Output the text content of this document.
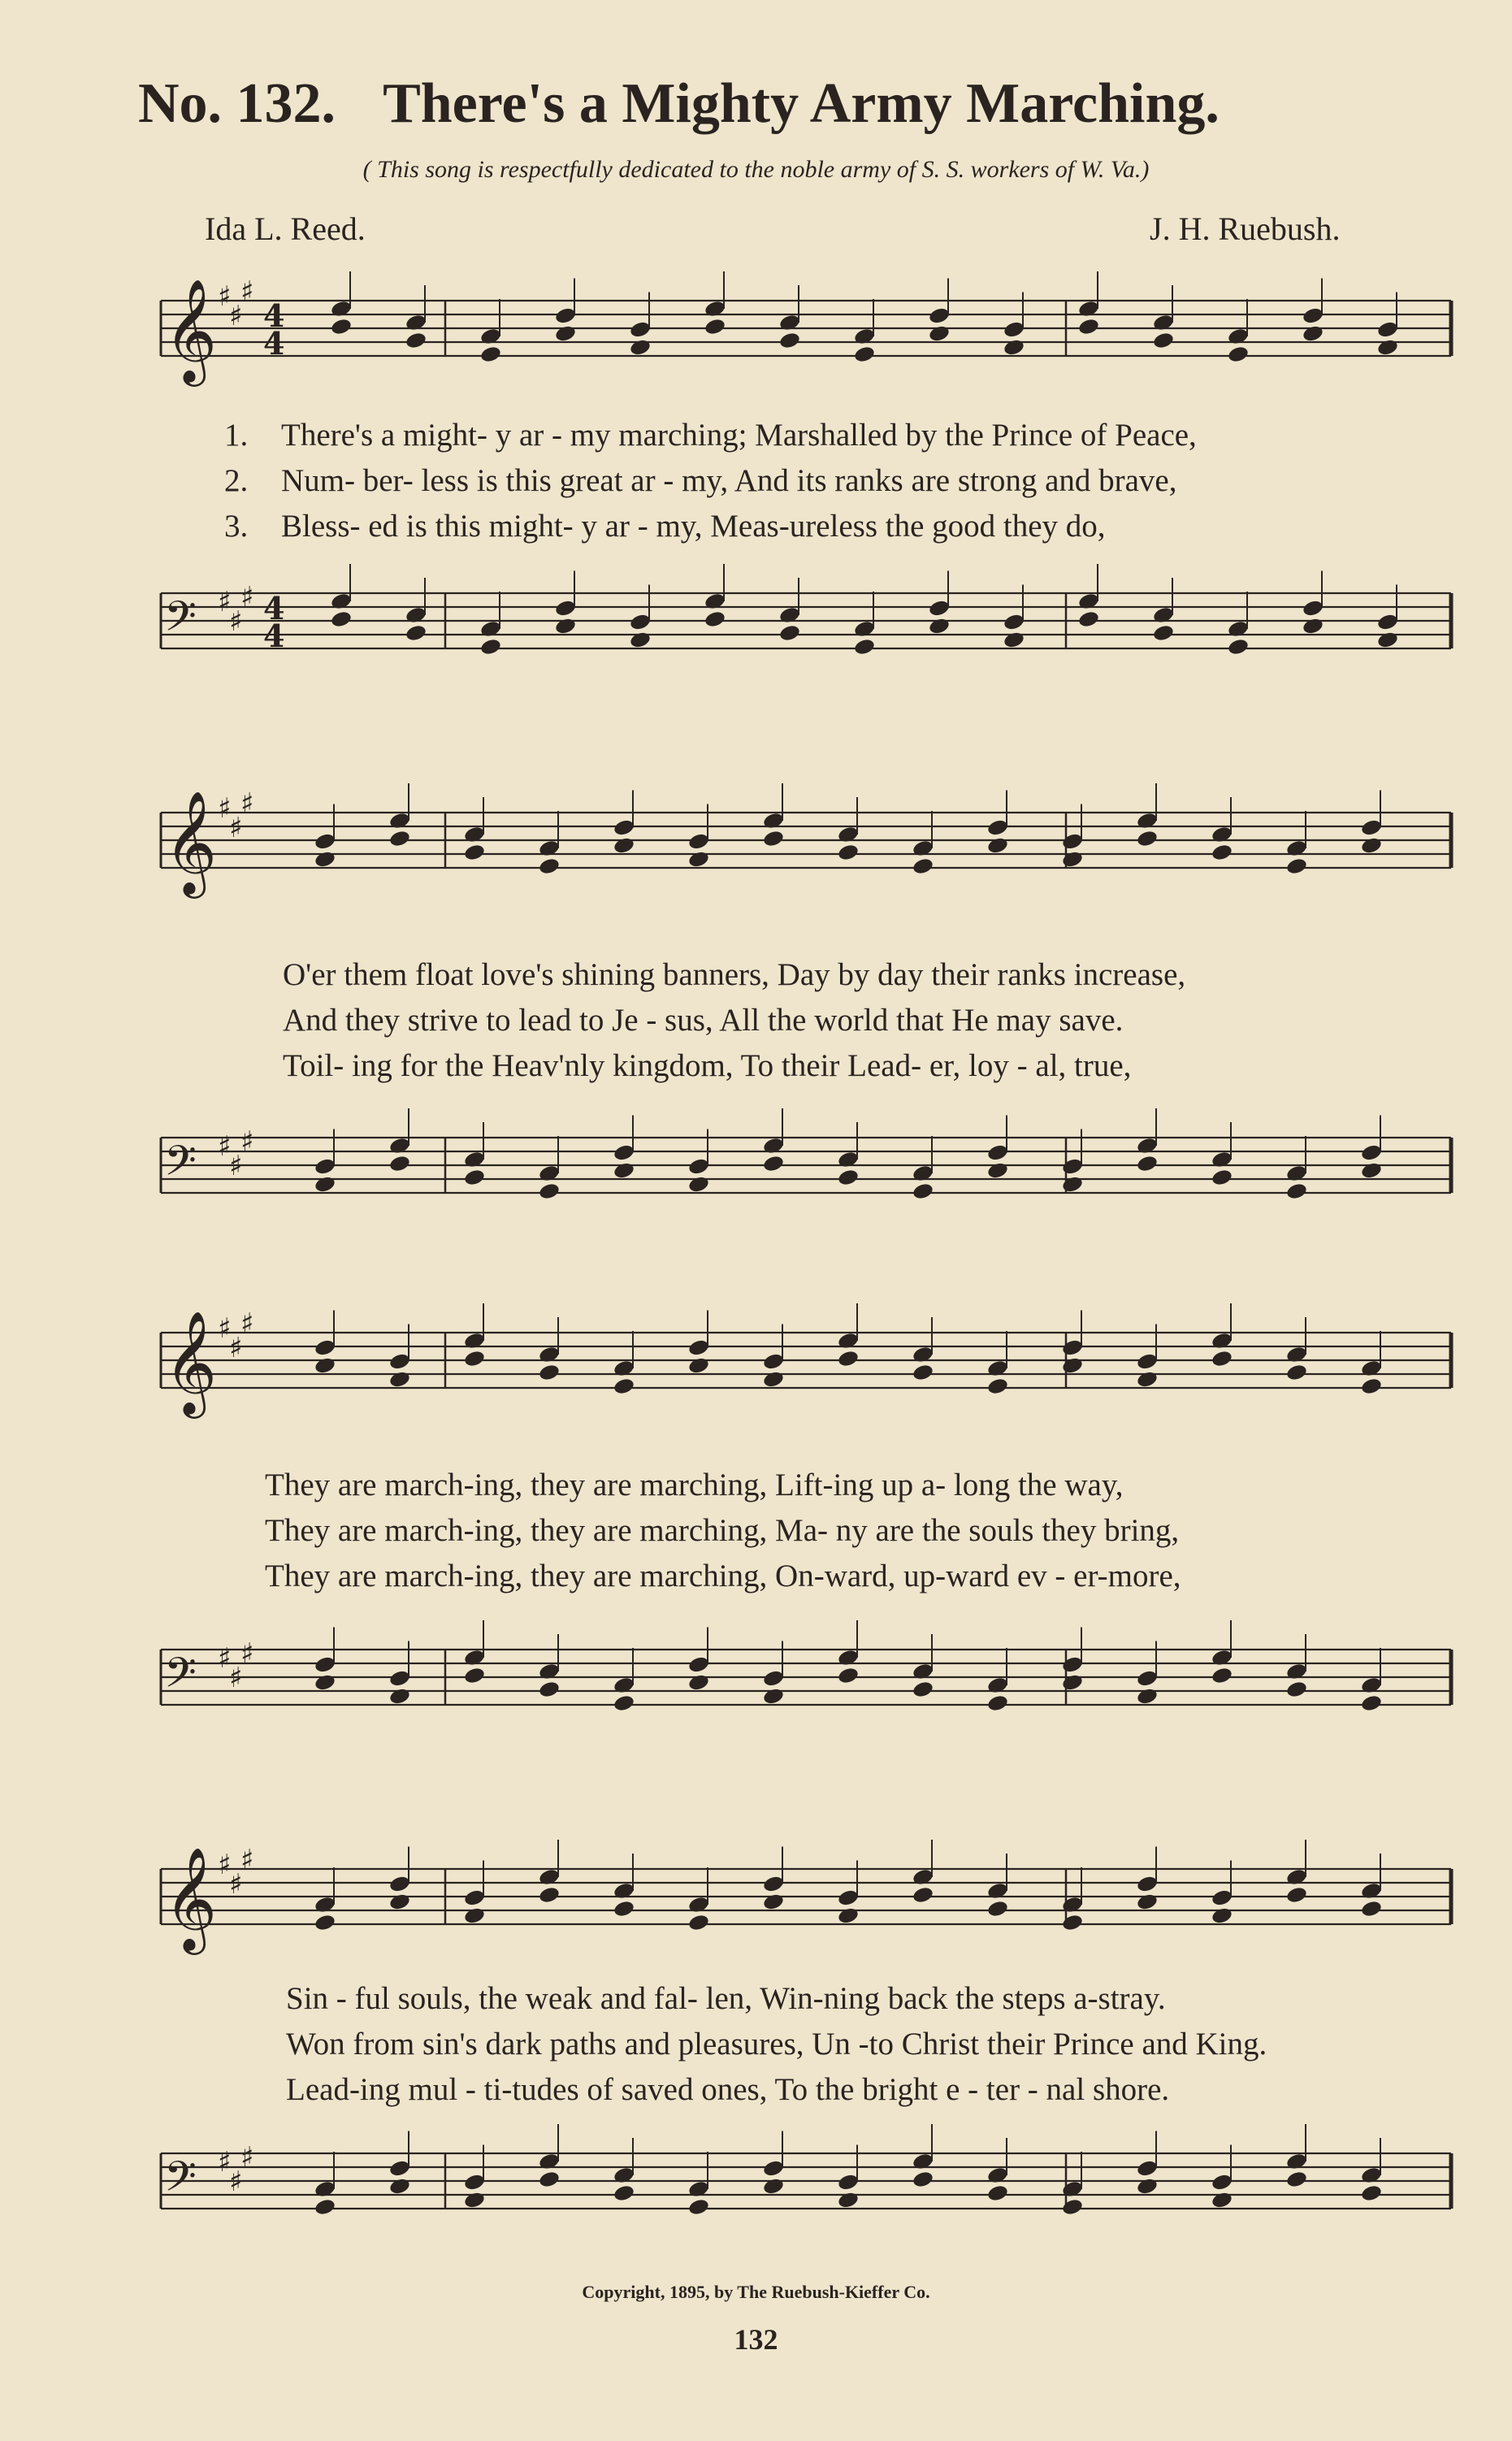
No. 132. There's a Mighty Army Marching.
( This song is respectfully dedicated to the noble army of S. S. workers of W. Va.)
Ida L. Reed.	J. H. Ruebush.
𝄞 ♯
♯
♯
4
4
1. There's a might- y ar - my marching; Marshalled by the Prince of Peace,
2. Num- ber- less is this great ar - my, And its ranks are strong and brave,
3. Bless- ed is this might- y ar - my, Meas-ureless the good they do,
𝄢 ♯
♯
♯ 4
4
𝄞 ♯
♯
♯
O'er them float love's shining banners, Day by day their ranks increase,
And they strive to lead to Je - sus, All the world that He may save.
Toil- ing for the Heav'nly kingdom, To their Lead- er, loy - al, true,
𝄢 ♯
♯
♯
𝄞 ♯
♯
♯
They are march-ing, they are marching, Lift-ing up a- long the way,
They are march-ing, they are marching, Ma- ny are the souls they bring,
They are march-ing, they are marching, On-ward, up-ward ev - er-more,
𝄢 ♯
♯
♯
𝄞 ♯
♯
♯
Sin - ful souls, the weak and fal- len, Win-ning back the steps a-stray.
Won from sin's dark paths and pleasures, Un -to Christ their Prince and King.
Lead-ing mul - ti-tudes of saved ones, To the bright e - ter - nal shore.
𝄢 ♯
♯
♯
Copyright, 1895, by The Ruebush-Kieffer Co.
132
